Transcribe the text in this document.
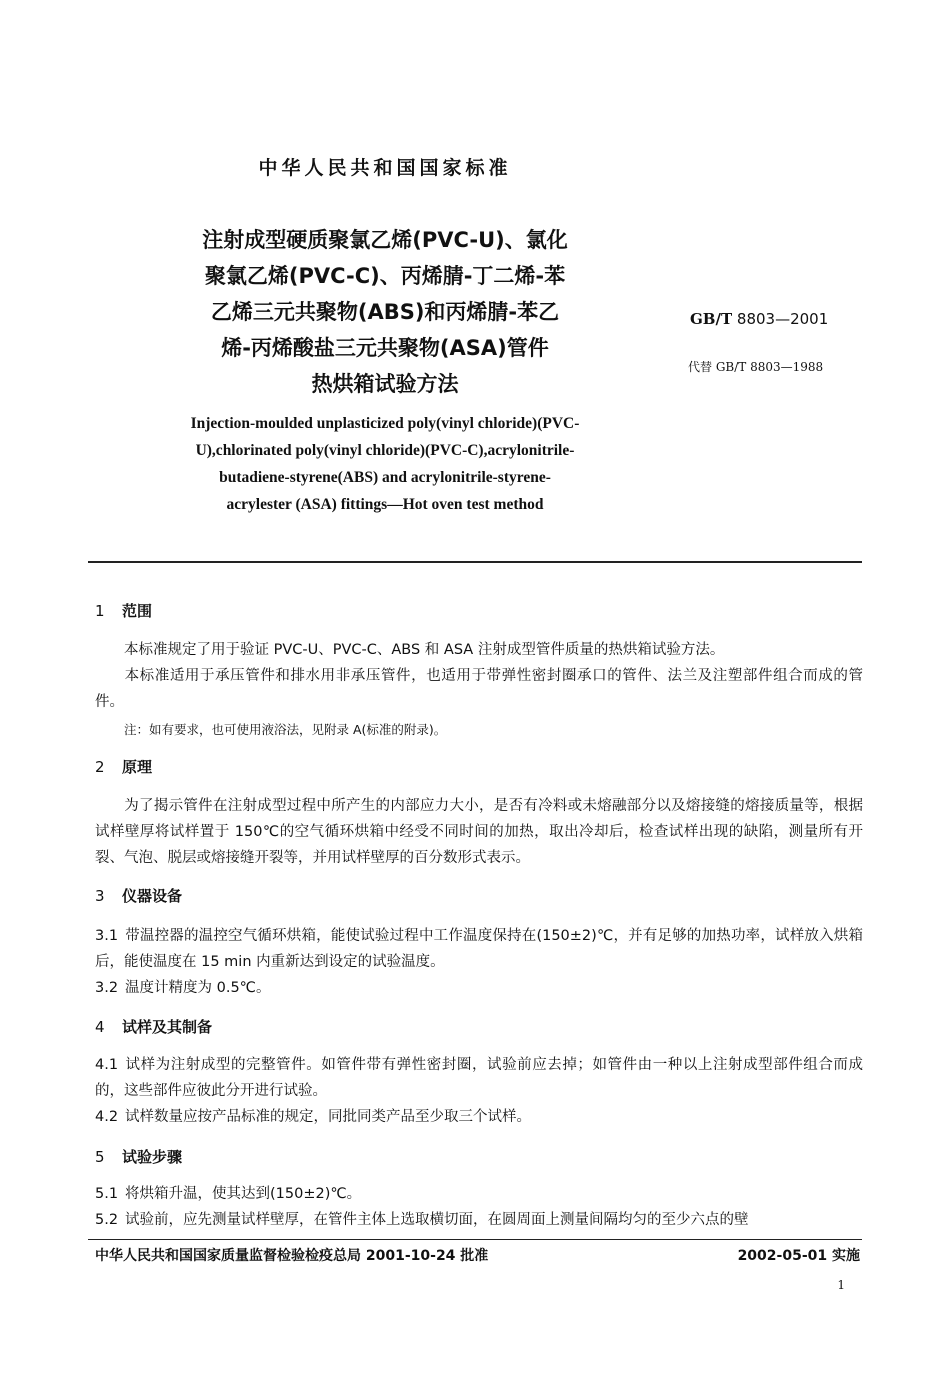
中华人民共和国国家标准
注射成型硬质聚氯乙烯(PVC-U)、氯化
聚氯乙烯(PVC-C)、丙烯腈-丁二烯-苯
乙烯三元共聚物(ABS)和丙烯腈-苯乙
烯-丙烯酸盐三元共聚物(ASA)管件
热烘箱试验方法
GB/T 8803—2001
代替 GB/T 8803—1988
Injection-moulded unplasticized poly(vinyl chloride)(PVC-
U),chlorinated poly(vinyl chloride)(PVC-C),acrylonitrile-
butadiene-styrene(ABS) and acrylonitrile-styrene-
acrylester (ASA) fittings—Hot oven test method
1 范围
本标准规定了用于验证 PVC-U、PVC-C、ABS 和 ASA 注射成型管件质量的热烘箱试验方法。
本标准适用于承压管件和排水用非承压管件，也适用于带弹性密封圈承口的管件、法兰及注塑部件组合而成的管件。
注：如有要求，也可使用液浴法，见附录 A(标准的附录)。
2 原理
为了揭示管件在注射成型过程中所产生的内部应力大小，是否有冷料或未熔融部分以及熔接缝的熔接质量等，根据试样壁厚将试样置于 150℃的空气循环烘箱中经受不同时间的加热，取出冷却后，检查试样出现的缺陷，测量所有开裂、气泡、脱层或熔接缝开裂等，并用试样壁厚的百分数形式表示。
3 仪器设备
3.1 带温控器的温控空气循环烘箱，能使试验过程中工作温度保持在(150±2)℃，并有足够的加热功率，试样放入烘箱后，能使温度在 15 min 内重新达到设定的试验温度。
3.2 温度计精度为 0.5℃。
4 试样及其制备
4.1 试样为注射成型的完整管件。如管件带有弹性密封圈，试验前应去掉；如管件由一种以上注射成型部件组合而成的，这些部件应彼此分开进行试验。
4.2 试样数量应按产品标准的规定，同批同类产品至少取三个试样。
5 试验步骤
5.1 将烘箱升温，使其达到(150±2)℃。
5.2 试验前，应先测量试样壁厚，在管件主体上选取横切面，在圆周面上测量间隔均匀的至少六点的壁
中华人民共和国国家质量监督检验检疫总局 2001-10-24 批准	2002-05-01 实施
1
